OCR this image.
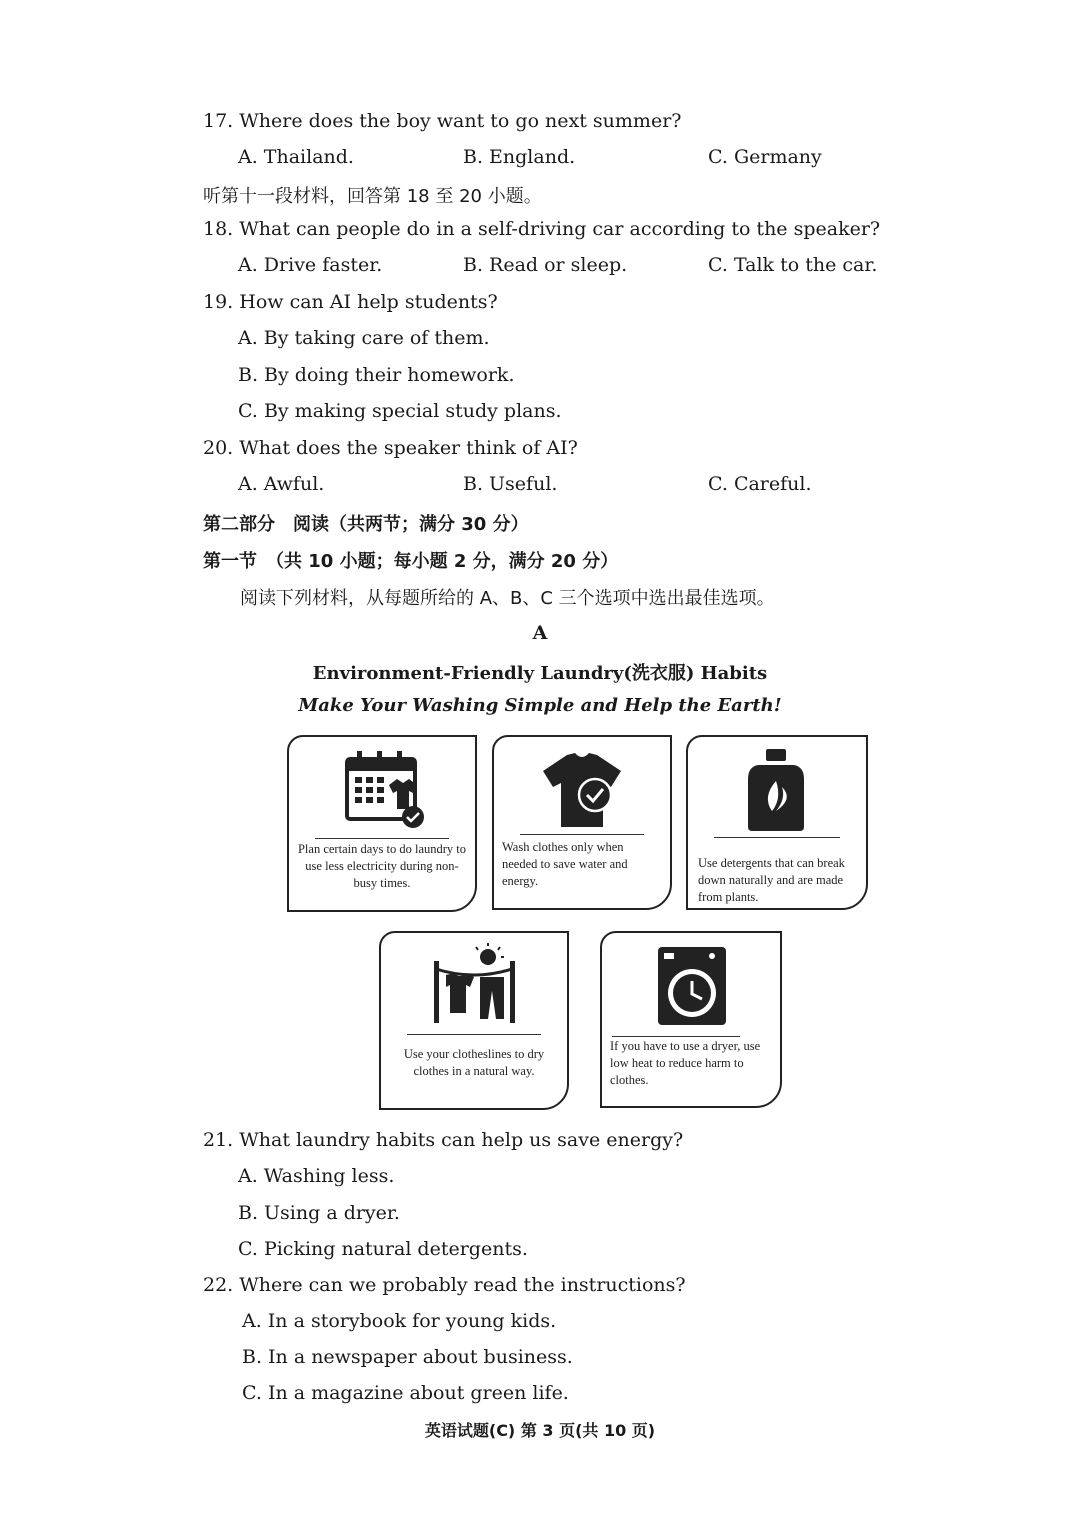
17. Where does the boy want to go next summer?
A. Thailand.	B. England.	C. Germany
听第十一段材料，回答第 18 至 20 小题。
18. What can people do in a self-driving car according to the speaker?
A. Drive faster.	B. Read or sleep.	C. Talk to the car.
19. How can AI help students?
A. By taking care of them.
B. By doing their homework.
C. By making special study plans.
20. What does the speaker think of AI?
A. Awful.	B. Useful.	C. Careful.
第二部分　阅读（共两节；满分 30 分）
第一节　（共 10 小题；每小题 2 分，满分 20 分）
阅读下列材料，从每题所给的 A、B、C 三个选项中选出最佳选项。
A
Environment-Friendly Laundry(洗衣服) Habits
Make Your Washing Simple and Help the Earth!
Plan certain days to do laundry to use less electricity during non-busy times.
Wash clothes only when needed to save water and energy.
Use detergents that can break down naturally and are made from plants.
Use your clotheslines to dry clothes in a natural way.
If you have to use a dryer, use low heat to reduce harm to clothes.
21. What laundry habits can help us save energy?
A. Washing less.
B. Using a dryer.
C. Picking natural detergents.
22. Where can we probably read the instructions?
A. In a storybook for young kids.
B. In a newspaper about business.
C. In a magazine about green life.
英语试题(C) 第 3 页(共 10 页)
